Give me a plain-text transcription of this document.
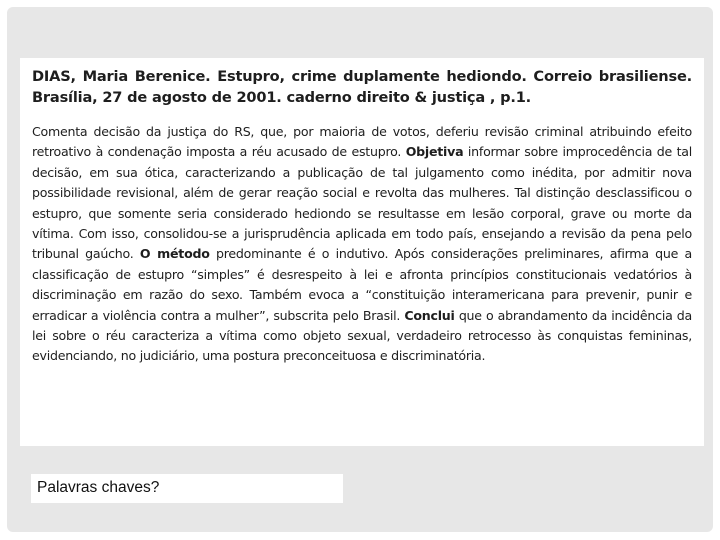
DIAS, Maria Berenice. Estupro, crime duplamente hediondo. Correio brasiliense. Brasília, 27 de agosto de 2001. caderno direito & justiça , p.1.

Comenta decisão da justiça do RS, que, por maioria de votos, deferiu revisão criminal atribuindo efeito retroativo à condenação imposta a réu acusado de estupro. Objetiva informar sobre improcedência de tal decisão, em sua ótica, caracterizando a publicação de tal julgamento como inédita, por admitir nova possibilidade revisional, além de gerar reação social e revolta das mulheres. Tal distinção desclassificou o estupro, que somente seria considerado hediondo se resultasse em lesão corporal, grave ou morte da vítima. Com isso, consolidou-se a jurisprudência aplicada em todo país, ensejando a revisão da pena pelo tribunal gaúcho. O método predominante é o indutivo. Após considerações preliminares, afirma que a classificação de estupro “simples” é desrespeito à lei e afronta princípios constitucionais vedatórios à discriminação em razão do sexo. Também evoca a “constituição interamericana para prevenir, punir e erradicar a violência contra a mulher”, subscrita pelo Brasil. Conclui que o abrandamento da incidência da lei sobre o réu caracteriza a vítima como objeto sexual, verdadeiro retrocesso às conquistas femininas, evidenciando, no judiciário, uma postura preconceituosa e discriminatória.

Palavras chaves?
